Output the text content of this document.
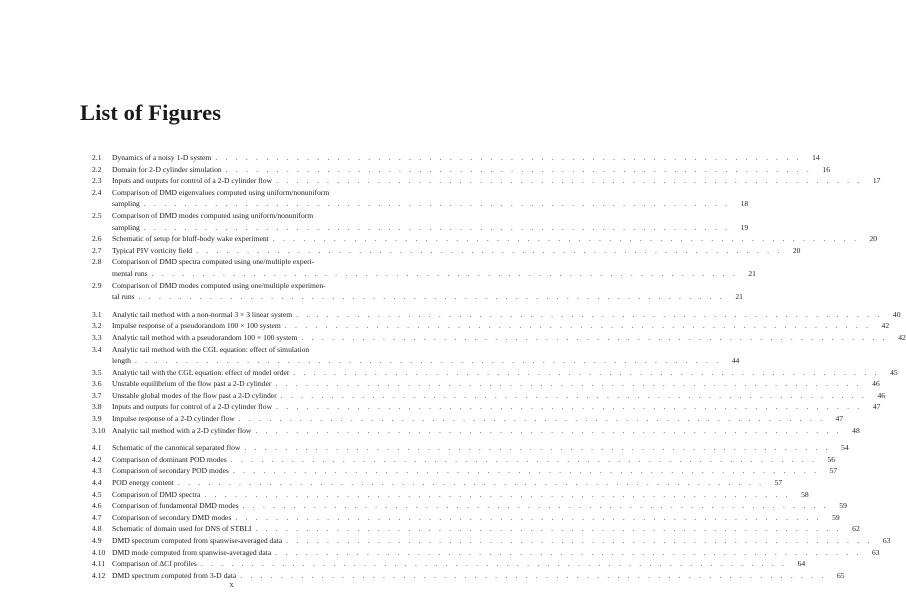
List of Figures
2.1	Dynamics of a noisy 1-D system . . . . . . . . . . . . . . . . . . . . . . . . . . . . . . . . . . . . . . . . . . . . . . . . . . . . . . . . . .	14
2.2	Domain for 2-D cylinder simulation . . . . . . . . . . . . . . . . . . . . . . . . . . . . . . . . . . . . . . . . . . . . . . . . . . . . . . . . . .	16
2.3	Inputs and outputs for control of a 2-D cylinder flow . . . . . . . . . . . . . . . . . . . . . . . . . . . . . . . . . . . . . . . . . . . . . . . . . . . . . . . . . .	17
2.4	Comparison of DMD eigenvalues computed using uniform/nonuniform
sampling . . . . . . . . . . . . . . . . . . . . . . . . . . . . . . . . . . . . . . . . . . . . . . . . . . . . . . . . . .	18
2.5	Comparison of DMD modes computed using uniform/nonuniform
sampling . . . . . . . . . . . . . . . . . . . . . . . . . . . . . . . . . . . . . . . . . . . . . . . . . . . . . . . . . .	19
2.6	Schematic of setup for bluff-body wake experiment . . . . . . . . . . . . . . . . . . . . . . . . . . . . . . . . . . . . . . . . . . . . . . . . . . . . . . . . . .	20
2.7	Typical PIV vorticity field . . . . . . . . . . . . . . . . . . . . . . . . . . . . . . . . . . . . . . . . . . . . . . . . . . . . . . . . . .	20
2.8	Comparison of DMD spectra computed using one/multiple experi-
mental runs . . . . . . . . . . . . . . . . . . . . . . . . . . . . . . . . . . . . . . . . . . . . . . . . . . . . . . . . . .	21
2.9	Comparison of DMD modes computed using one/multiple experimen-
tal runs . . . . . . . . . . . . . . . . . . . . . . . . . . . . . . . . . . . . . . . . . . . . . . . . . . . . . . . . . .	21
3.1	Analytic tail method with a non-normal 3 × 3 linear system . . . . . . . . . . . . . . . . . . . . . . . . . . . . . . . . . . . . . . . . . . . . . . . . . . . . . . . . . .	40
3.2	Impulse response of a pseudorandom 100 × 100 system . . . . . . . . . . . . . . . . . . . . . . . . . . . . . . . . . . . . . . . . . . . . . . . . . . . . . . . . . .	42
3.3	Analytic tail method with a pseudorandom 100 × 100 system . . . . . . . . . . . . . . . . . . . . . . . . . . . . . . . . . . . . . . . . . . . . . . . . . . . . . . . . . .	42
3.4	Analytic tail method with the CGL equation: effect of simulation
length . . . . . . . . . . . . . . . . . . . . . . . . . . . . . . . . . . . . . . . . . . . . . . . . . . . . . . . . . .	44
3.5	Analytic tail with the CGL equation: effect of model order . . . . . . . . . . . . . . . . . . . . . . . . . . . . . . . . . . . . . . . . . . . . . . . . . . . . . . . . . .	45
3.6	Unstable equilibrium of the flow past a 2-D cylinder . . . . . . . . . . . . . . . . . . . . . . . . . . . . . . . . . . . . . . . . . . . . . . . . . . . . . . . . . .	46
3.7	Unstable global modes of the flow past a 2-D cylinder . . . . . . . . . . . . . . . . . . . . . . . . . . . . . . . . . . . . . . . . . . . . . . . . . . . . . . . . . .	46
3.8	Inputs and outputs for control of a 2-D cylinder flow . . . . . . . . . . . . . . . . . . . . . . . . . . . . . . . . . . . . . . . . . . . . . . . . . . . . . . . . . .	47
3.9	Impulse response of a 2-D cylinder flow . . . . . . . . . . . . . . . . . . . . . . . . . . . . . . . . . . . . . . . . . . . . . . . . . . . . . . . . . .	47
3.10 Analytic tail method with a 2-D cylinder flow . . . . . . . . . . . . . . . . . . . . . . . . . . . . . . . . . . . . . . . . . . . . . . . . . . . . . . . . . .	48
4.1	Schematic of the canonical separated flow . . . . . . . . . . . . . . . . . . . . . . . . . . . . . . . . . . . . . . . . . . . . . . . . . . . . . . . . . .	54
4.2	Comparison of dominant POD modes . . . . . . . . . . . . . . . . . . . . . . . . . . . . . . . . . . . . . . . . . . . . . . . . . . . . . . . . . .	56
4.3	Comparison of secondary POD modes . . . . . . . . . . . . . . . . . . . . . . . . . . . . . . . . . . . . . . . . . . . . . . . . . . . . . . . . . .	57
4.4	POD energy content . . . . . . . . . . . . . . . . . . . . . . . . . . . . . . . . . . . . . . . . . . . . . . . . . . . . . . . . . .	57
4.5	Comparison of DMD spectra . . . . . . . . . . . . . . . . . . . . . . . . . . . . . . . . . . . . . . . . . . . . . . . . . . . . . . . . . .	58
4.6	Comparison of fundamental DMD modes . . . . . . . . . . . . . . . . . . . . . . . . . . . . . . . . . . . . . . . . . . . . . . . . . . . . . . . . . .	59
4.7	Comparison of secondary DMD modes . . . . . . . . . . . . . . . . . . . . . . . . . . . . . . . . . . . . . . . . . . . . . . . . . . . . . . . . . .	59
4.8	Schematic of domain used for DNS of STBLI . . . . . . . . . . . . . . . . . . . . . . . . . . . . . . . . . . . . . . . . . . . . . . . . . . . . . . . . . .	62
4.9	DMD spectrum computed from spanwise-averaged data . . . . . . . . . . . . . . . . . . . . . . . . . . . . . . . . . . . . . . . . . . . . . . . . . . . . . . . . . .	63
4.10 DMD mode computed from spanwise-averaged data . . . . . . . . . . . . . . . . . . . . . . . . . . . . . . . . . . . . . . . . . . . . . . . . . . . . . . . . . .	63
4.11 Comparison of ΔCf profiles . . . . . . . . . . . . . . . . . . . . . . . . . . . . . . . . . . . . . . . . . . . . . . . . . . . . . . . . . .	64
4.12 DMD spectrum computed from 3-D data . . . . . . . . . . . . . . . . . . . . . . . . . . . . . . . . . . . . . . . . . . . . . . . . . . . . . . . . . .	65
x
